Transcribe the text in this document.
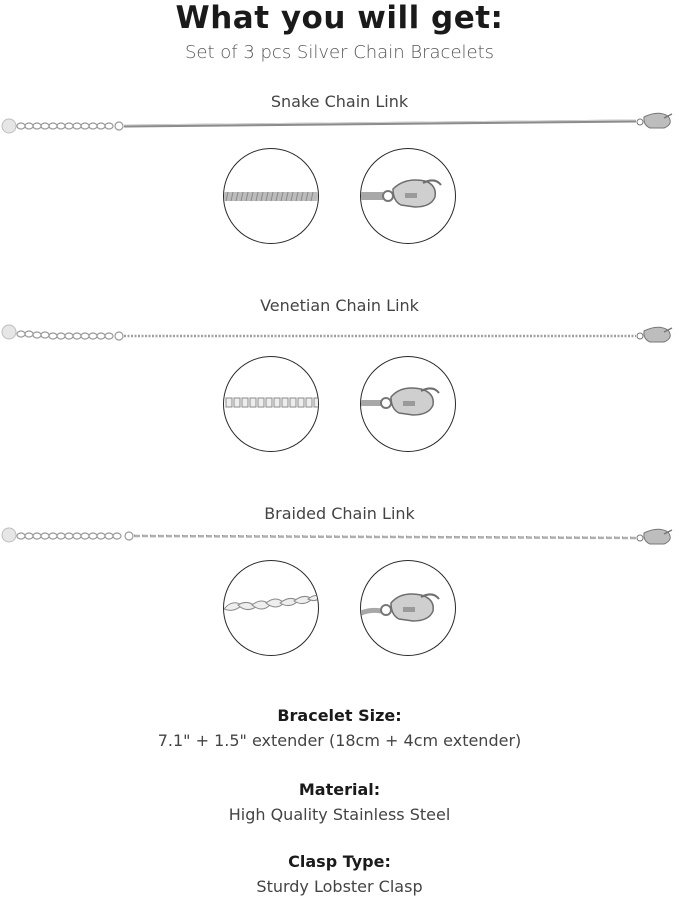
What you will get:
Set of 3 pcs Silver Chain Bracelets
Snake Chain Link
Venetian Chain Link
Braided Chain Link
Bracelet Size:
7.1" + 1.5" extender (18cm + 4cm extender)
Material:
High Quality Stainless Steel
Clasp Type:
Sturdy Lobster Clasp
